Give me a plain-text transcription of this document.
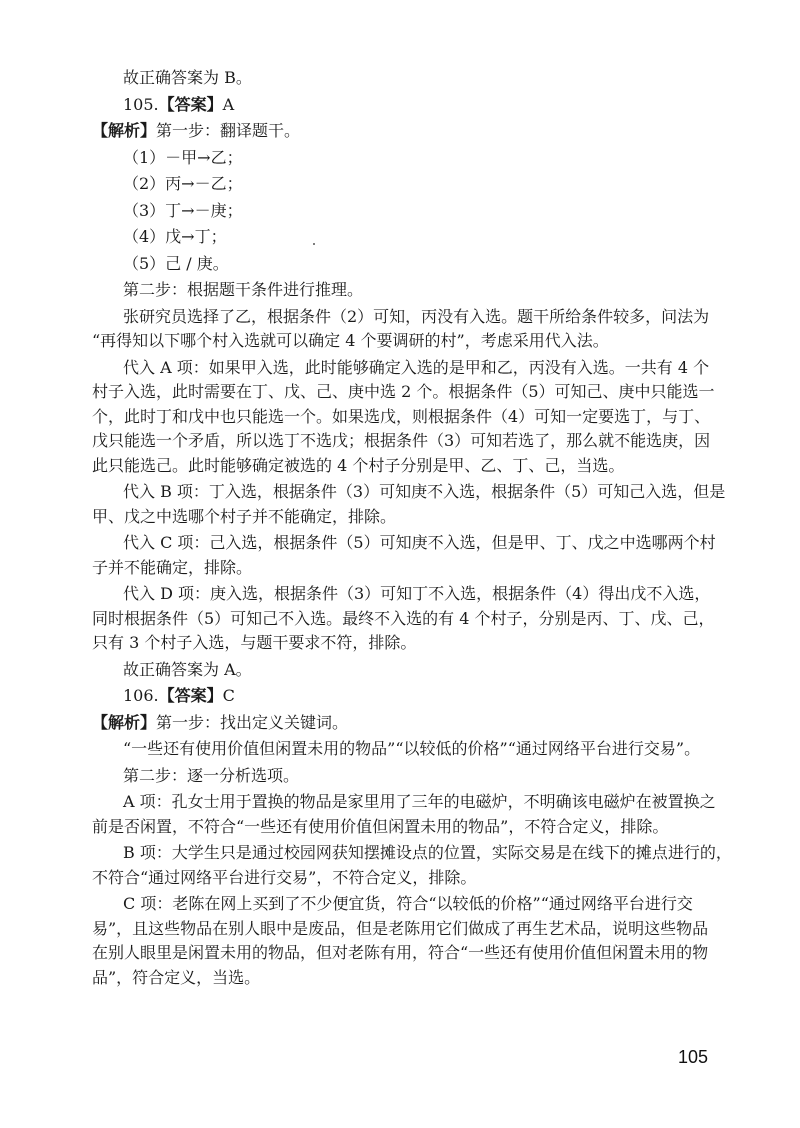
故正确答案为 B。
105.【答案】A
【解析】第一步：翻译题干。
（1）－甲→乙；
（2）丙→－乙；
（3）丁→－庚；
（4）戊→丁；
（5）己 / 庚。
第二步：根据题干条件进行推理。
张研究员选择了乙，根据条件（2）可知，丙没有入选。题干所给条件较多，问法为
“再得知以下哪个村入选就可以确定 4 个要调研的村”，考虑采用代入法。
代入 A 项：如果甲入选，此时能够确定入选的是甲和乙，丙没有入选。一共有 4 个
村子入选，此时需要在丁、戊、己、庚中选 2 个。根据条件（5）可知己、庚中只能选一
个，此时丁和戊中也只能选一个。如果选戊，则根据条件（4）可知一定要选丁，与丁、
戊只能选一个矛盾，所以选丁不选戊；根据条件（3）可知若选了，那么就不能选庚，因
此只能选己。此时能够确定被选的 4 个村子分别是甲、乙、丁、己，当选。
代入 B 项：丁入选，根据条件（3）可知庚不入选，根据条件（5）可知己入选，但是
甲、戊之中选哪个村子并不能确定，排除。
代入 C 项：己入选，根据条件（5）可知庚不入选，但是甲、丁、戊之中选哪两个村
子并不能确定，排除。
代入 D 项：庚入选，根据条件（3）可知丁不入选，根据条件（4）得出戊不入选，
同时根据条件（5）可知己不入选。最终不入选的有 4 个村子，分别是丙、丁、戊、己，
只有 3 个村子入选，与题干要求不符，排除。
故正确答案为 A。
106.【答案】C
【解析】第一步：找出定义关键词。
“一些还有使用价值但闲置未用的物品”“以较低的价格”“通过网络平台进行交易”。
第二步：逐一分析选项。
A 项：孔女士用于置换的物品是家里用了三年的电磁炉，不明确该电磁炉在被置换之
前是否闲置，不符合“一些还有使用价值但闲置未用的物品”，不符合定义，排除。
B 项：大学生只是通过校园网获知摆摊设点的位置，实际交易是在线下的摊点进行的，
不符合“通过网络平台进行交易”，不符合定义，排除。
C 项：老陈在网上买到了不少便宜货，符合“以较低的价格”“通过网络平台进行交
易”，且这些物品在别人眼中是废品，但是老陈用它们做成了再生艺术品，说明这些物品
在别人眼里是闲置未用的物品，但对老陈有用，符合“一些还有使用价值但闲置未用的物
品”，符合定义，当选。
105
